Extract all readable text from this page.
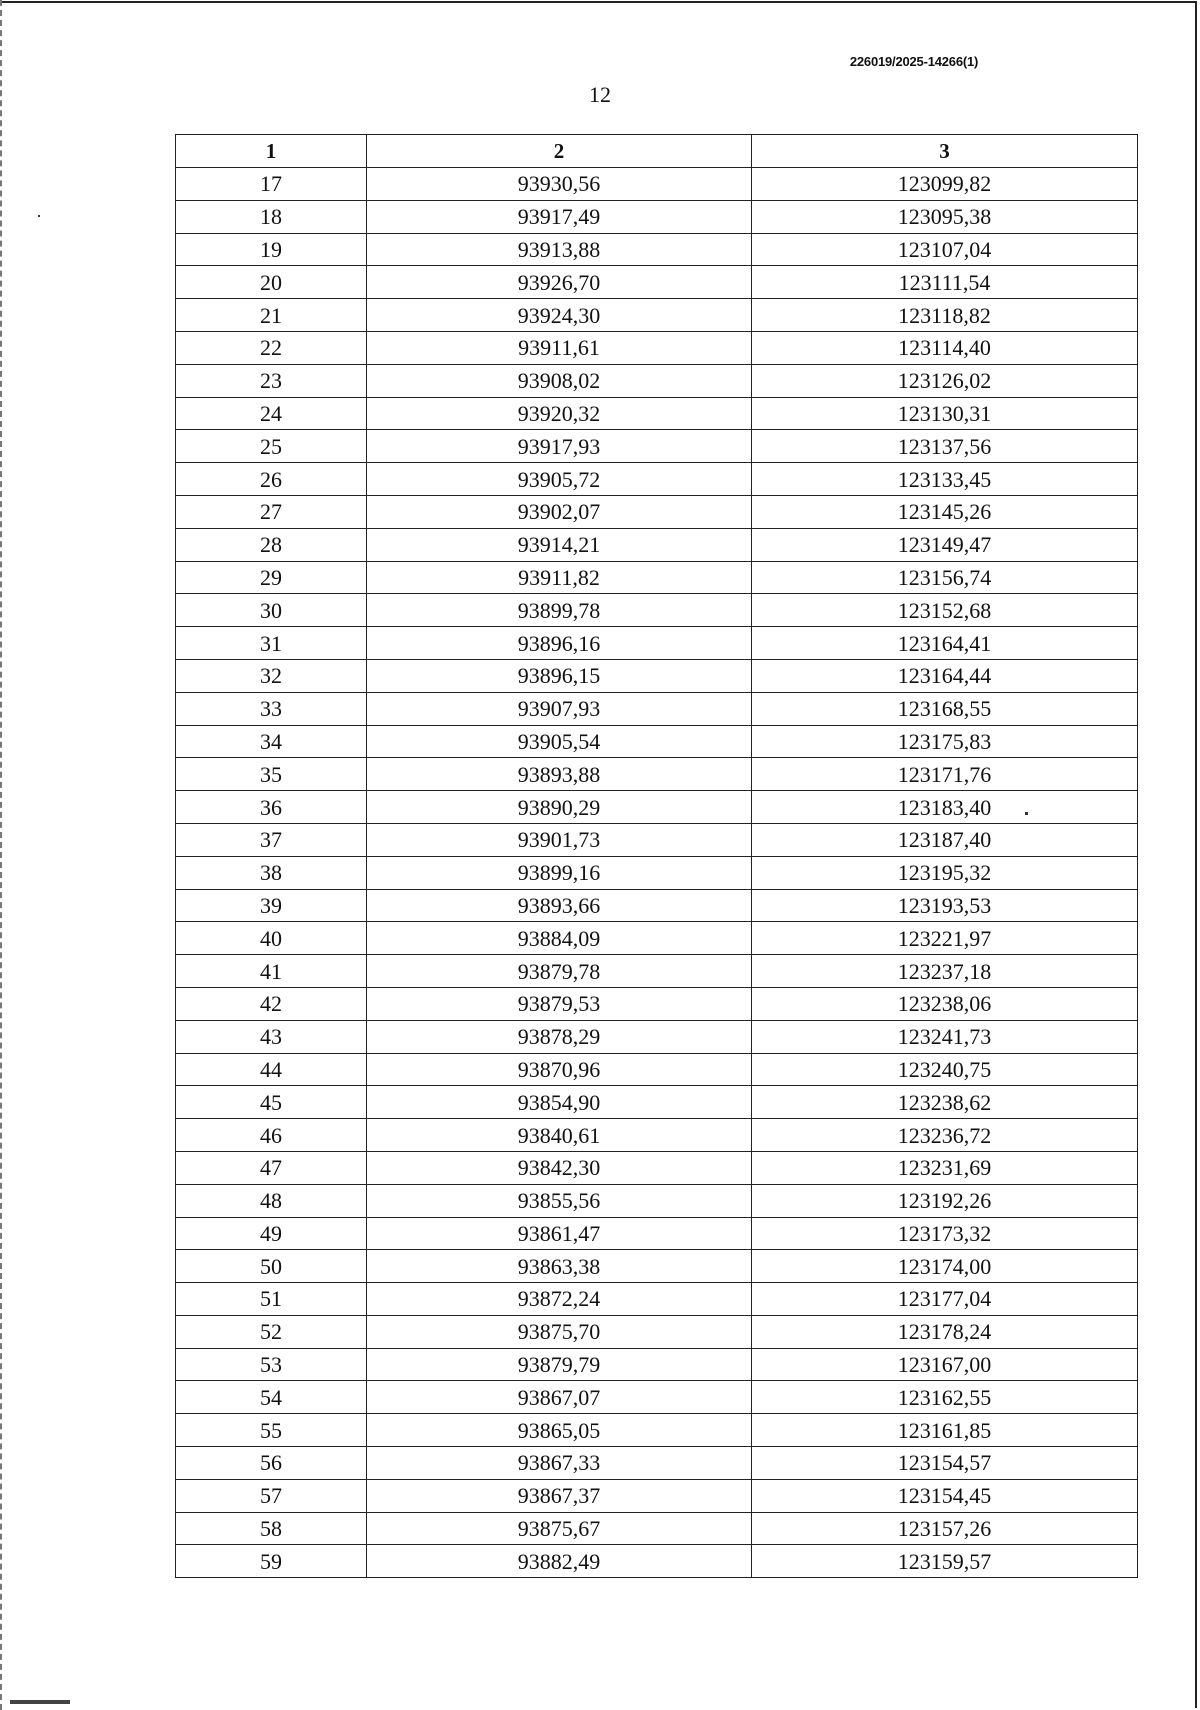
226019/2025-14266(1)
12
1	2	3
17	93930,56	123099,82
18	93917,49	123095,38
19	93913,88	123107,04
20	93926,70	123111,54
21	93924,30	123118,82
22	93911,61	123114,40
23	93908,02	123126,02
24	93920,32	123130,31
25	93917,93	123137,56
26	93905,72	123133,45
27	93902,07	123145,26
28	93914,21	123149,47
29	93911,82	123156,74
30	93899,78	123152,68
31	93896,16	123164,41
32	93896,15	123164,44
33	93907,93	123168,55
34	93905,54	123175,83
35	93893,88	123171,76
36	93890,29	123183,40
37	93901,73	123187,40
38	93899,16	123195,32
39	93893,66	123193,53
40	93884,09	123221,97
41	93879,78	123237,18
42	93879,53	123238,06
43	93878,29	123241,73
44	93870,96	123240,75
45	93854,90	123238,62
46	93840,61	123236,72
47	93842,30	123231,69
48	93855,56	123192,26
49	93861,47	123173,32
50	93863,38	123174,00
51	93872,24	123177,04
52	93875,70	123178,24
53	93879,79	123167,00
54	93867,07	123162,55
55	93865,05	123161,85
56	93867,33	123154,57
57	93867,37	123154,45
58	93875,67	123157,26
59	93882,49	123159,57
